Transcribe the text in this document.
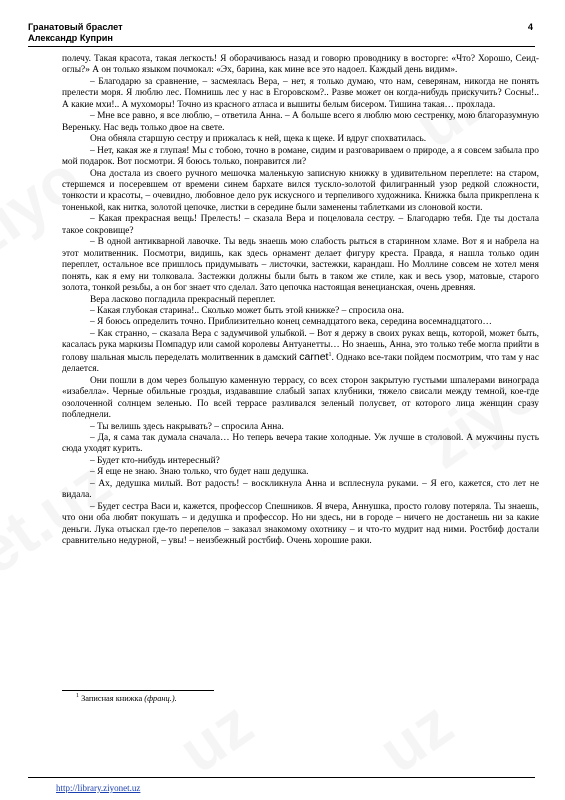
Гранатовый браслет
Александр Куприн
4

полечу. Такая красота, такая легкость! Я оборачиваюсь назад и говорю проводнику в восторге: «Что? Хорошо, Сеид-оглы?» А он только языком почмокал: «Эх, барина, как мине все это надоел. Каждый день видим».

– Благодарю за сравнение, – засмеялась Вера, – нет, я только думаю, что нам, северянам, никогда не понять прелести моря. Я люблю лес. Помнишь лес у нас в Егоровском?.. Разве может он когда-нибудь прискучить? Сосны!.. А какие мхи!.. А мухоморы! Точно из красного атласа и вышиты белым бисером. Тишина такая… прохлада.

– Мне все равно, я все люблю, – ответила Анна. – А больше всего я люблю мою сестренку, мою благоразумную Вереньку. Нас ведь только двое на свете.

Она обняла старшую сестру и прижалась к ней, щека к щеке. И вдруг спохватилась.

– Нет, какая же я глупая! Мы с тобою, точно в романе, сидим и разговариваем о природе, а я совсем забыла про мой подарок. Вот посмотри. Я боюсь только, понравится ли?

Она достала из своего ручного мешочка маленькую записную книжку в удивительном переплете: на старом, стершемся и посеревшем от времени синем бархате вился тускло-золотой филигранный узор редкой сложности, тонкости и красоты, – очевидно, любовное дело рук искусного и терпеливого художника. Книжка была прикреплена к тоненькой, как нитка, золотой цепочке, листки в середине были заменены таблетками из слоновой кости.

– Какая прекрасная вещь! Прелесть! – сказала Вера и поцеловала сестру. – Благодарю тебя. Где ты достала такое сокровище?

– В одной антикварной лавочке. Ты ведь знаешь мою слабость рыться в старинном хламе. Вот я и набрела на этот молитвенник. Посмотри, видишь, как здесь орнамент делает фигуру креста. Правда, я нашла только один переплет, остальное все пришлось придумывать – листочки, застежки, карандаш. Но Моллине совсем не хотел меня понять, как я ему ни толковала. Застежки должны были быть в таком же стиле, как и весь узор, матовые, старого золота, тонкой резьбы, а он бог знает что сделал. Зато цепочка настоящая венецианская, очень древняя.

Вера ласково погладила прекрасный переплет.

– Какая глубокая старина!.. Сколько может быть этой книжке? – спросила она.

– Я боюсь определить точно. Приблизительно конец семнадцатого века, середина восемнадцатого…

– Как странно, – сказала Вера с задумчивой улыбкой. – Вот я держу в своих руках вещь, которой, может быть, касалась рука маркизы Помпадур или самой королевы Антуанетты… Но знаешь, Анна, это только тебе могла прийти в голову шальная мысль переделать молитвенник в дамский carnet$^1$. Однако все-таки пойдем посмотрим, что там у нас делается.

Они пошли в дом через большую каменную террасу, со всех сторон закрытую густыми шпалерами винограда «изабелла». Черные обильные гроздья, издававшие слабый запах клубники, тяжело свисали между темной, кое-где озолоченной солнцем зеленью. По всей террасе разливался зеленый полусвет, от которого лица женщин сразу побледнели.

– Ты велишь здесь накрывать? – спросила Анна.

– Да, я сама так думала сначала… Но теперь вечера такие холодные. Уж лучше в столовой. А мужчины пусть сюда уходят курить.

– Будет кто-нибудь интересный?

– Я еще не знаю. Знаю только, что будет наш дедушка.

– Ах, дедушка милый. Вот радость! – воскликнула Анна и всплеснула руками. – Я его, кажется, сто лет не видала.

– Будет сестра Васи и, кажется, профессор Спешников. Я вчера, Аннушка, просто голову потеряла. Ты знаешь, что они оба любят покушать – и дедушка и профессор. Но ни здесь, ни в городе – ничего не достанешь ни за какие деньги. Лука отыскал где-то перепелов – заказал знакомому охотнику – и что-то мудрит над ними. Ростбиф достали сравнительно недурной, – увы! – неизбежный ростбиф. Очень хорошие раки.

$^1$ Записная книжка (франц.).
http://library.ziyonet.uz
